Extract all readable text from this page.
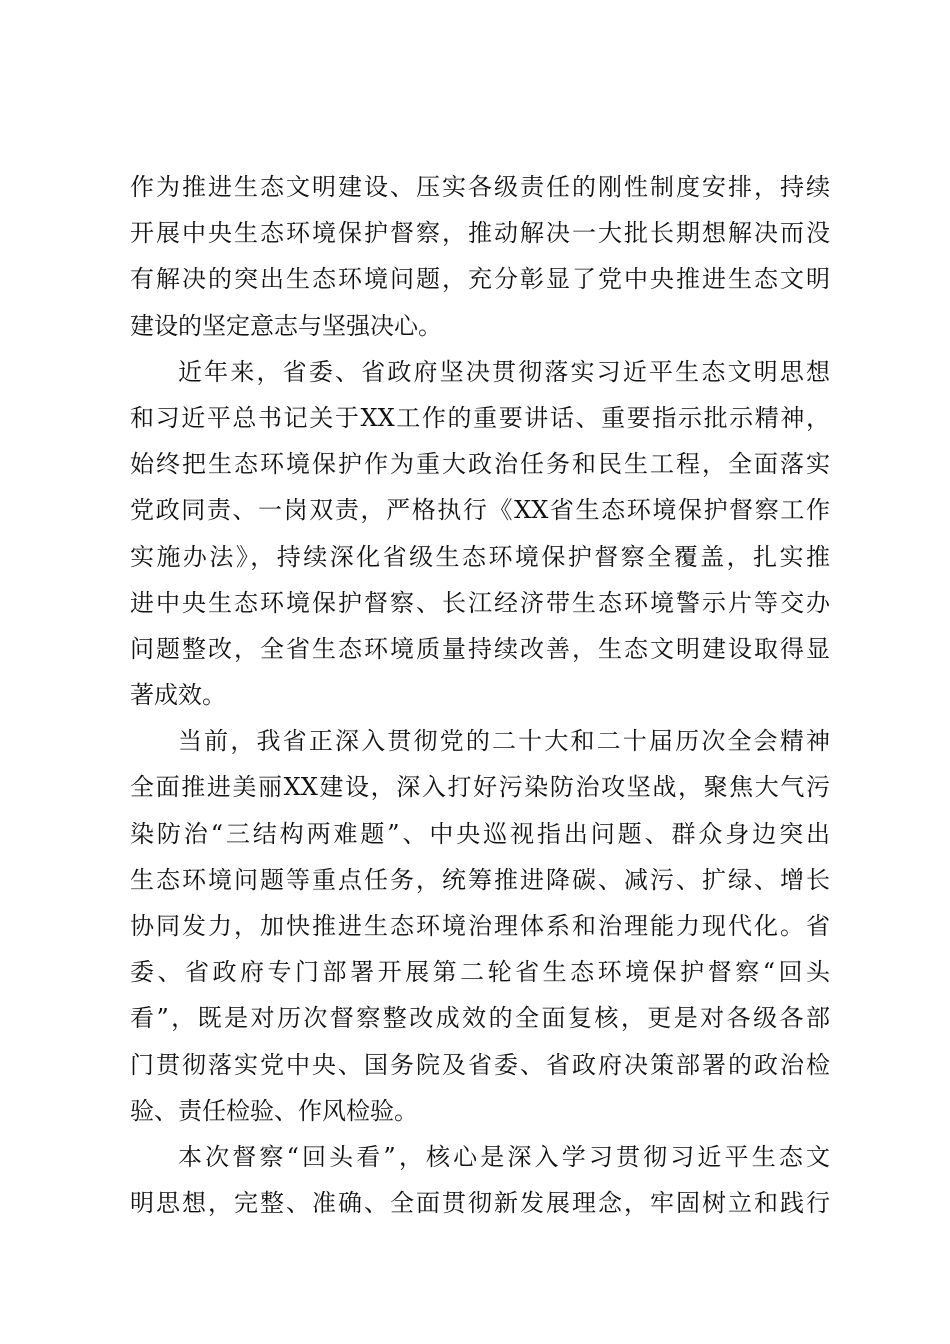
作为推进生态文明建设、压实各级责任的刚性制度安排，持续
开展中央生态环境保护督察，推动解决一大批长期想解决而没
有解决的突出生态环境问题，充分彰显了党中央推进生态文明
建设的坚定意志与坚强决心。
近年来，省委、省政府坚决贯彻落实习近平生态文明思想
和习近平总书记关于XX工作的重要讲话、重要指示批示精神，
始终把生态环境保护作为重大政治任务和民生工程，全面落实
党政同责、一岗双责，严格执行《XX省生态环境保护督察工作
实施办法》，持续深化省级生态环境保护督察全覆盖，扎实推
进中央生态环境保护督察、长江经济带生态环境警示片等交办
问题整改，全省生态环境质量持续改善，生态文明建设取得显
著成效。
当前，我省正深入贯彻党的二十大和二十届历次全会精神
全面推进美丽XX建设，深入打好污染防治攻坚战，聚焦大气污
染防治“三结构两难题”、中央巡视指出问题、群众身边突出
生态环境问题等重点任务，统筹推进降碳、减污、扩绿、增长
协同发力，加快推进生态环境治理体系和治理能力现代化。省
委、省政府专门部署开展第二轮省生态环境保护督察“回头
看”，既是对历次督察整改成效的全面复核，更是对各级各部
门贯彻落实党中央、国务院及省委、省政府决策部署的政治检
验、责任检验、作风检验。
本次督察“回头看”，核心是深入学习贯彻习近平生态文
明思想，完整、准确、全面贯彻新发展理念，牢固树立和践行
